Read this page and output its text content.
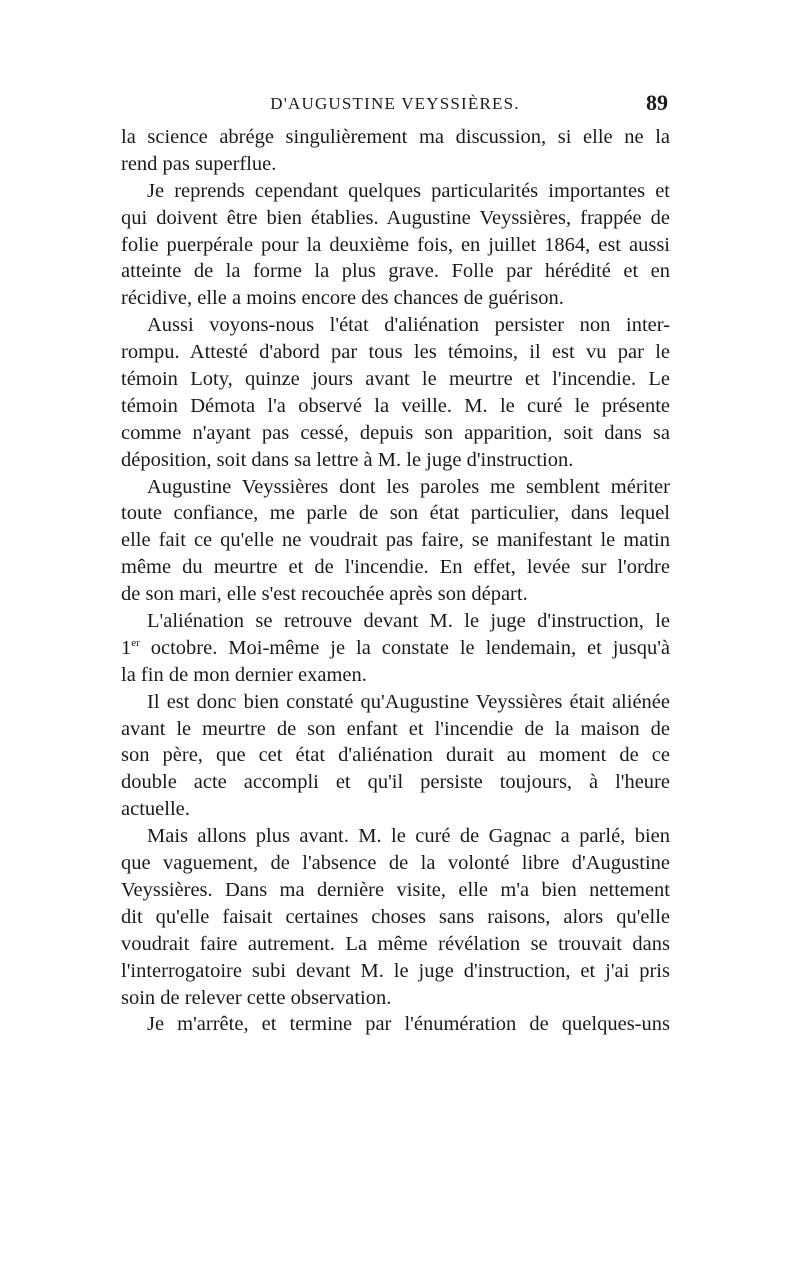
D'AUGUSTINE VEYSSIÈRES.	89
la science abrége singulièrement ma discussion, si elle ne la
rend pas superflue.
Je reprends cependant quelques particularités importantes et
qui doivent être bien établies. Augustine Veyssières, frappée de
folie puerpérale pour la deuxième fois, en juillet 1864, est aussi
atteinte de la forme la plus grave. Folle par hérédité et en
récidive, elle a moins encore des chances de guérison.
Aussi voyons-nous l'état d'aliénation persister non inter-
rompu. Attesté d'abord par tous les témoins, il est vu par le
témoin Loty, quinze jours avant le meurtre et l'incendie. Le
témoin Démota l'a observé la veille. M. le curé le présente
comme n'ayant pas cessé, depuis son apparition, soit dans sa
déposition, soit dans sa lettre à M. le juge d'instruction.
Augustine Veyssières dont les paroles me semblent mériter
toute confiance, me parle de son état particulier, dans lequel
elle fait ce qu'elle ne voudrait pas faire, se manifestant le matin
même du meurtre et de l'incendie. En effet, levée sur l'ordre
de son mari, elle s'est recouchée après son départ.
L'aliénation se retrouve devant M. le juge d'instruction, le
1er octobre. Moi-même je la constate le lendemain, et jusqu'à
la fin de mon dernier examen.
Il est donc bien constaté qu'Augustine Veyssières était aliénée
avant le meurtre de son enfant et l'incendie de la maison de
son père, que cet état d'aliénation durait au moment de ce
double acte accompli et qu'il persiste toujours, à l'heure
actuelle.
Mais allons plus avant. M. le curé de Gagnac a parlé, bien
que vaguement, de l'absence de la volonté libre d'Augustine
Veyssières. Dans ma dernière visite, elle m'a bien nettement
dit qu'elle faisait certaines choses sans raisons, alors qu'elle
voudrait faire autrement. La même révélation se trouvait dans
l'interrogatoire subi devant M. le juge d'instruction, et j'ai pris
soin de relever cette observation.
Je m'arrête, et termine par l'énumération de quelques-uns
